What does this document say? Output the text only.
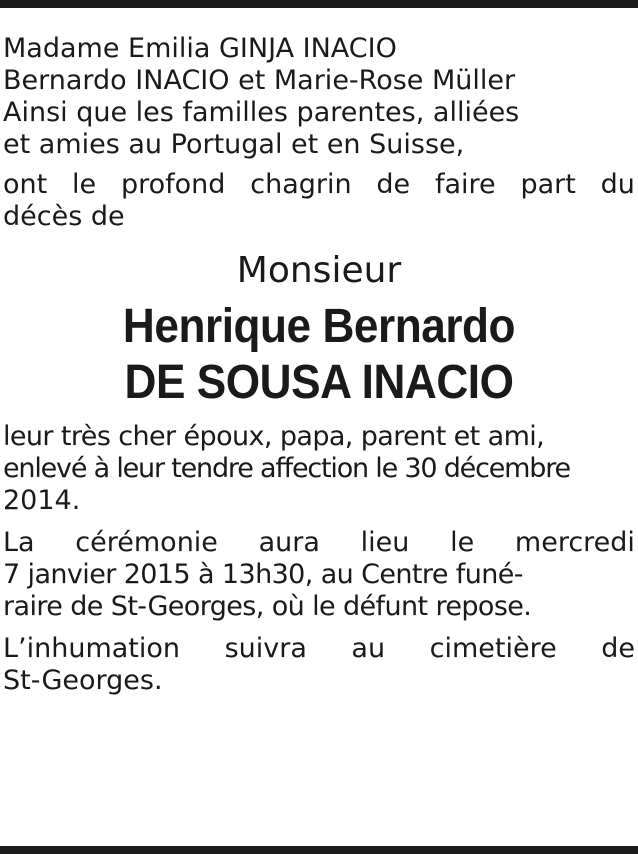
Madame Emilia GINJA INACIO
Bernardo INACIO et Marie-Rose Müller
Ainsi que les familles parentes, alliées
et amies au Portugal et en Suisse,
ont le profond chagrin de faire part du
décès de
Monsieur
Henrique Bernardo
DE SOUSA INACIO
leur très cher époux, papa, parent et ami,
enlevé à leur tendre affection le 30 décembre
2014.
La cérémonie aura lieu le mercredi
7 janvier 2015 à 13h30, au Centre funé-
raire de St-Georges, où le défunt repose.
L’inhumation suivra au cimetière de
St-Georges.
